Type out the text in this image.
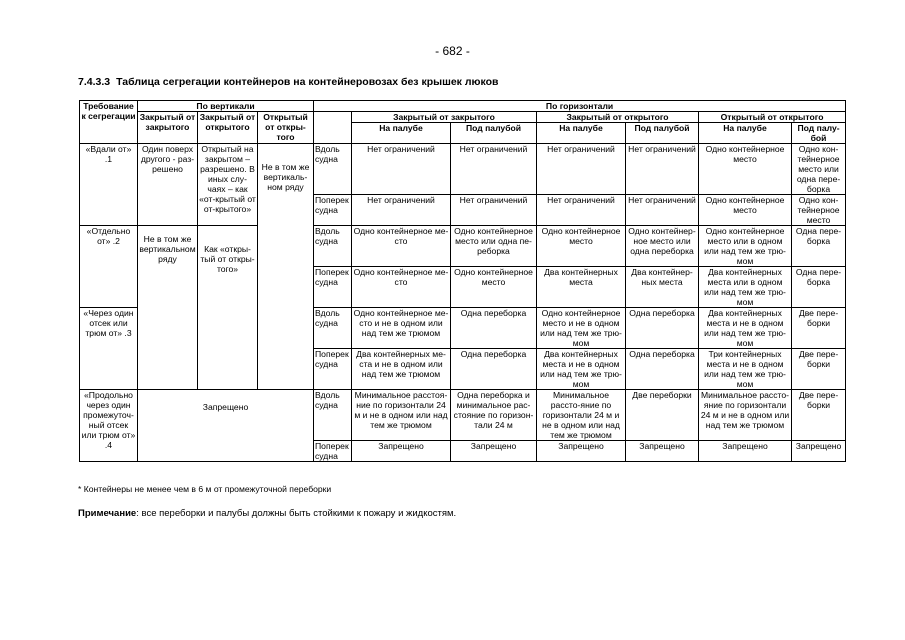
- 682 -
7.4.3.3 Таблица сегрегации контейнеров на контейнеровозах без крышек люков
Требование к сегрегации	По вертикали			По горизонтали						
	Закрытый от закрытого	Закрытый от открытого	Открытый от откры-того		Закрытый от закрытого		Закрытый от открытого		Открытый от открытого	
					На палубе	Под палубой	На палубе	Под палубой	На палубе	Под палу-бой
«Вдали от» .1	Один поверх другого - раз-решено	Открытый на закрытом – разрешено. В иных слу-чаях – как «от-крытый от от-крытого»	Не в том же вертикаль-ном ряду	Вдоль судна	Нет ограничений	Нет ограничений	Нет ограничений	Нет ограничений	Одно контейнерное место	Одно кон-тейнерное место или одна пере-борка
				Поперек судна	Нет ограничений	Нет ограничений	Нет ограничений	Нет ограничений	Одно контейнерное место	Одно кон-тейнерное место
«Отдельно от» .2	Не в том же вертикальном ряду	Как «откры-тый от откры-того»		Вдоль судна	Одно контейнерное ме-сто	Одно контейнерное место или одна пе-реборка	Одно контейнерное место	Одно контейнер-ное место или одна переборка	Одно контейнерное место или в одном или над тем же трю-мом	Одна пере-борка
				Поперек судна	Одно контейнерное ме-сто	Одно контейнерное место	Два контейнерных места	Два контейнер-ных места	Два контейнерных места или в одном или над тем же трю-мом	Одна пере-борка
«Через один отсек или трюм от» .3				Вдоль судна	Одно контейнерное ме-сто и не в одном или над тем же трюмом	Одна переборка	Одно контейнерное место и не в одном или над тем же трю-мом	Одна переборка	Два контейнерных места и не в одном или над тем же трю-мом	Две пере-борки
				Поперек судна	Два контейнерных ме-ста и не в одном или над тем же трюмом	Одна переборка	Два контейнерных места и не в одном или над тем же трю-мом	Одна переборка	Три контейнерных места и не в одном или над тем же трю-мом	Две пере-борки
«Продольно через один промежуточ-ный отсек или трюм от» .4	Запрещено			Вдоль судна	Минимальное расстоя-ние по горизонтали 24 м и не в одном или над тем же трюмом	Одна переборка и минимальное рас-стояние по горизон-тали 24 м	Минимальное рассто-яние по горизонтали 24 м и не в одном или над тем же трюмом	Две переборки	Минимальное рассто-яние по горизонтали 24 м и не в одном или над тем же трюмом	Две пере-борки
				Поперек судна	Запрещено	Запрещено	Запрещено	Запрещено	Запрещено	Запрещено
* Контейнеры не менее чем в 6 м от промежуточной переборки
Примечание: все переборки и палубы должны быть стойкими к пожару и жидкостям.
